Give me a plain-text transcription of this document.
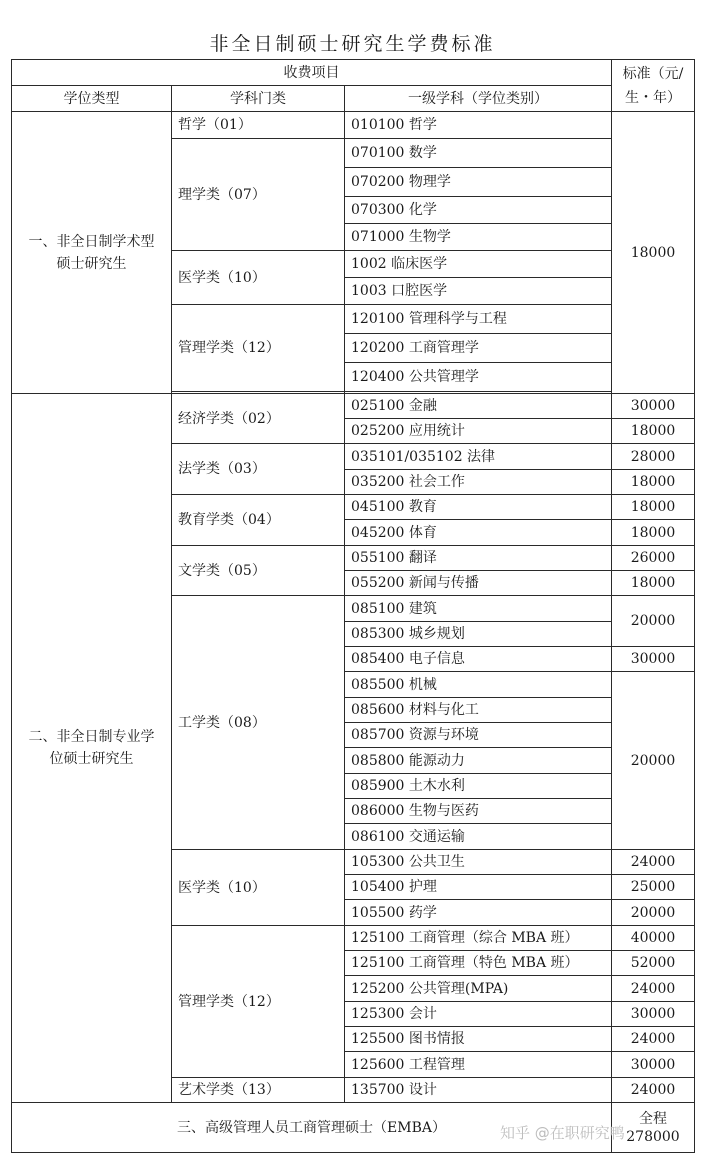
非全日制硕士研究生学费标准
收费项目			标准（元/生・年）
学位类型	学科门类	一级学科（学位类别）	
一、非全日制学术型硕士研究生	哲学（01）	010100 哲学	18000
	理学类（07）	070100 数学	
		070200 物理学	
		070300 化学	
		071000 生物学	
	医学类（10）	1002 临床医学	
		1003 口腔医学	
	管理学类（12）	120100 管理科学与工程	
		120200 工商管理学	
		120400 公共管理学	

二、非全日制专业学位硕士研究生	经济学类（02）	025100 金融	30000
		025200 应用统计	18000
	法学类（03）	035101/035102 法律	28000
		035200 社会工作	18000
	教育学类（04）	045100 教育	18000
		045200 体育	18000
	文学类（05）	055100 翻译	26000
		055200 新闻与传播	18000
	工学类（08）	085100 建筑	20000
		085300 城乡规划	
		085400 电子信息	30000
		085500 机械	20000
		085600 材料与化工	
		085700 资源与环境	
		085800 能源动力	
		085900 土木水利	
		086000 生物与医药	
		086100 交通运输	
	医学类（10）	105300 公共卫生	24000
		105400 护理	25000
		105500 药学	20000
	管理学类（12）	125100 工商管理（综合 MBA 班）	40000
		125100 工商管理（特色 MBA 班）	52000
		125200 公共管理(MPA)	24000
		125300 会计	30000
		125500 图书情报	24000
		125600 工程管理	30000
	艺术学类（13）	135700 设计	24000
三、高级管理人员工商管理硕士（EMBA）			全程
278000
知乎 @在职研究鸭
